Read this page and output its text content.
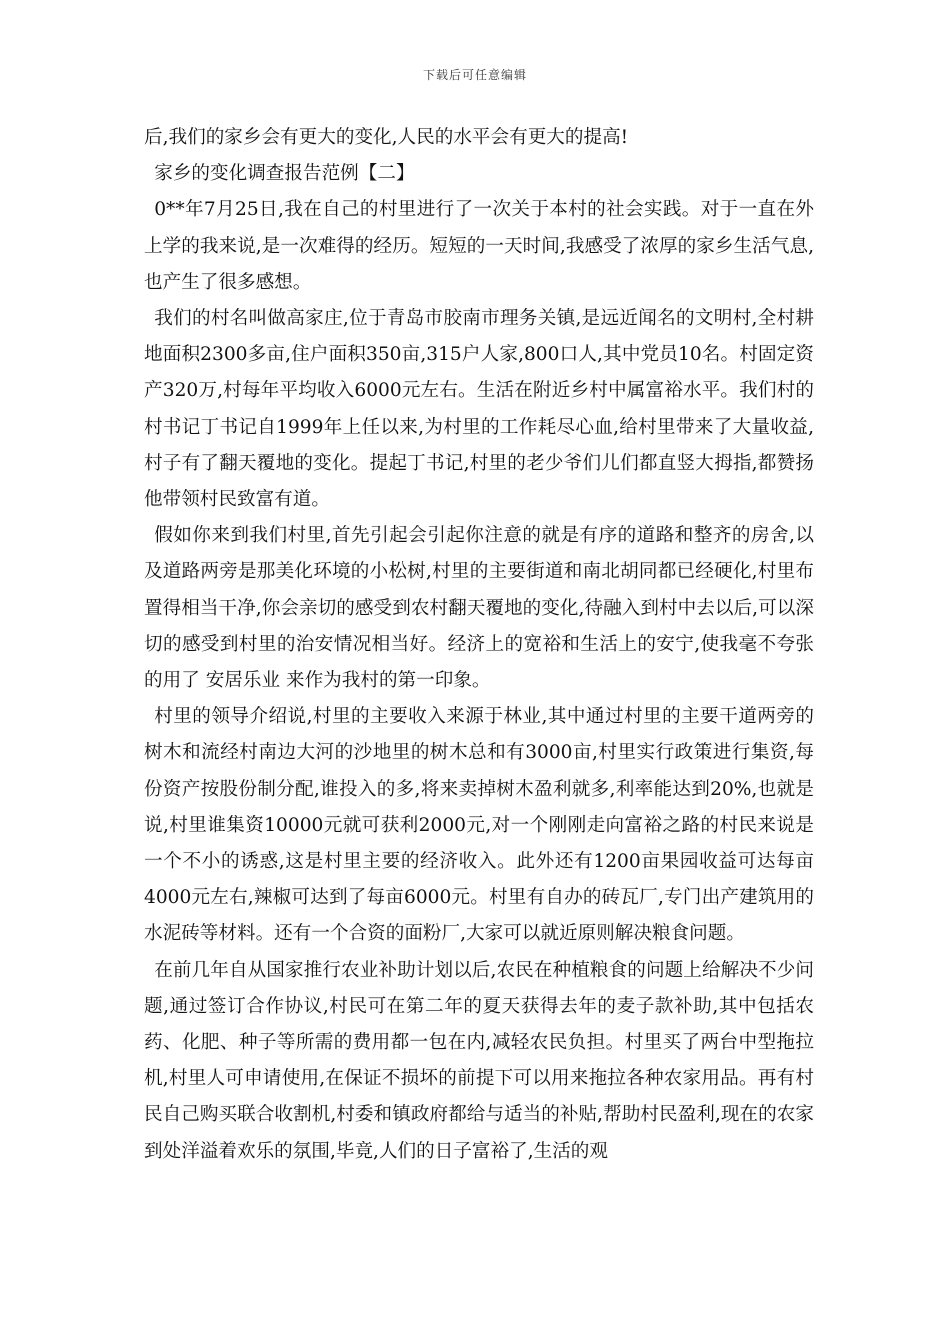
下载后可任意编辑

后,我们的家乡会有更大的变化,人民的水平会有更大的提高!

家乡的变化调查报告范例【二】

0**年7月25日,我在自己的村里进行了一次关于本村的社会实践。对于一直在外上学的我来说,是一次难得的经历。短短的一天时间,我感受了浓厚的家乡生活气息,也产生了很多感想。

我们的村名叫做高家庄,位于青岛市胶南市理务关镇,是远近闻名的文明村,全村耕地面积2300多亩,住户面积350亩,315户人家,800口人,其中党员10名。村固定资产320万,村每年平均收入6000元左右。生活在附近乡村中属富裕水平。我们村的村书记丁书记自1999年上任以来,为村里的工作耗尽心血,给村里带来了大量收益,村子有了翻天覆地的变化。提起丁书记,村里的老少爷们儿们都直竖大拇指,都赞扬他带领村民致富有道。

假如你来到我们村里,首先引起会引起你注意的就是有序的道路和整齐的房舍,以及道路两旁是那美化环境的小松树,村里的主要街道和南北胡同都已经硬化,村里布置得相当干净,你会亲切的感受到农村翻天覆地的变化,待融入到村中去以后,可以深切的感受到村里的治安情况相当好。经济上的宽裕和生活上的安宁,使我毫不夸张的用了 安居乐业 来作为我村的第一印象。

村里的领导介绍说,村里的主要收入来源于林业,其中通过村里的主要干道两旁的树木和流经村南边大河的沙地里的树木总和有3000亩,村里实行政策进行集资,每份资产按股份制分配,谁投入的多,将来卖掉树木盈利就多,利率能达到20%,也就是说,村里谁集资10000元就可获利2000元,对一个刚刚走向富裕之路的村民来说是一个不小的诱惑,这是村里主要的经济收入。此外还有1200亩果园收益可达每亩4000元左右,辣椒可达到了每亩6000元。村里有自办的砖瓦厂,专门出产建筑用的水泥砖等材料。还有一个合资的面粉厂,大家可以就近原则解决粮食问题。

在前几年自从国家推行农业补助计划以后,农民在种植粮食的问题上给解决不少问题,通过签订合作协议,村民可在第二年的夏天获得去年的麦子款补助,其中包括农药、化肥、种子等所需的费用都一包在内,减轻农民负担。村里买了两台中型拖拉机,村里人可申请使用,在保证不损坏的前提下可以用来拖拉各种农家用品。再有村民自己购买联合收割机,村委和镇政府都给与适当的补贴,帮助村民盈利,现在的农家到处洋溢着欢乐的氛围,毕竟,人们的日子富裕了,生活的观
